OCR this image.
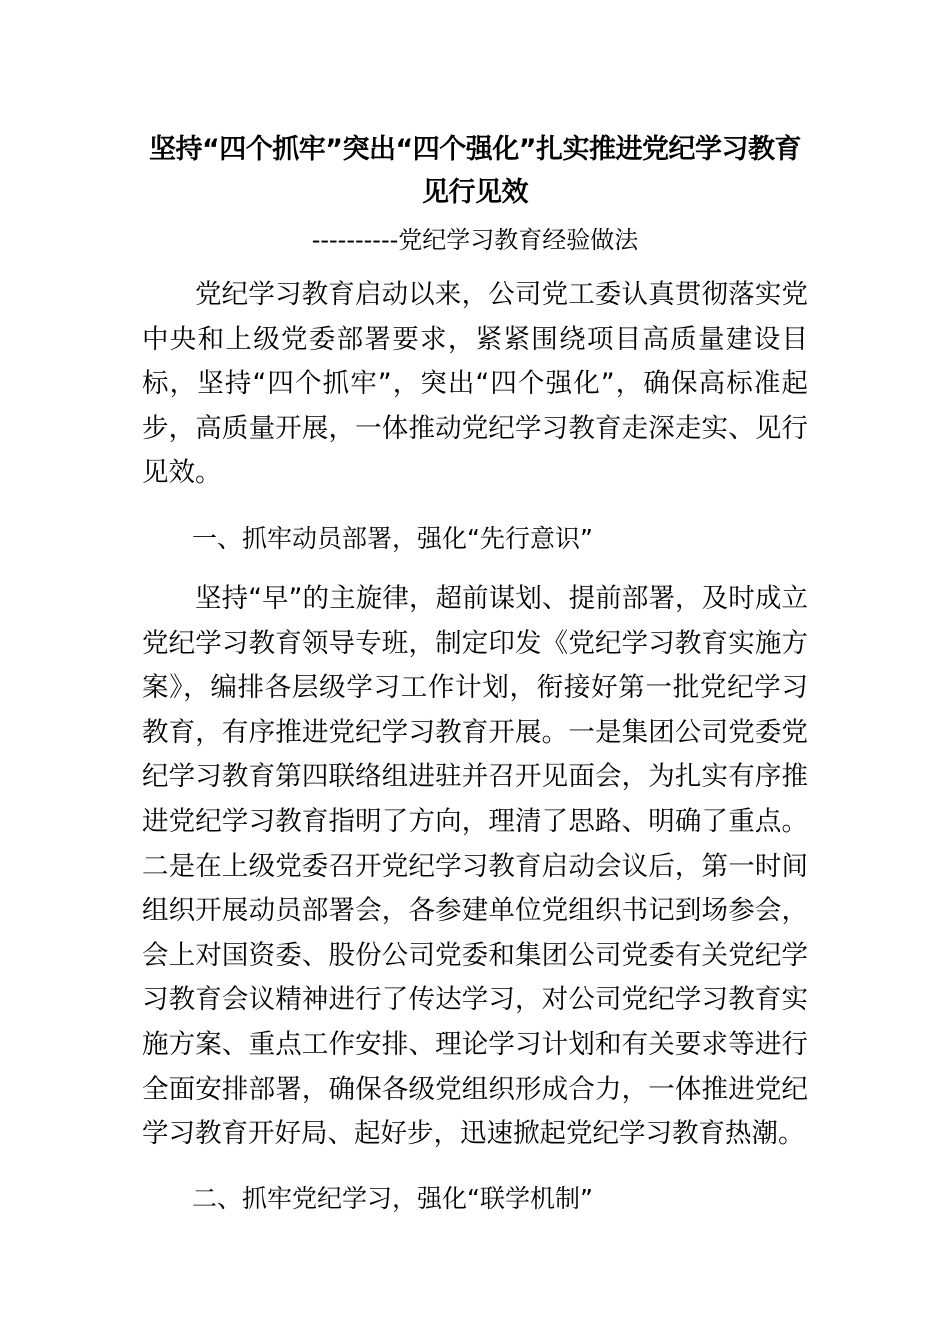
坚持“四个抓牢”突出“四个强化”扎实推进党纪学习教育见行见效
----------党纪学习教育经验做法

党纪学习教育启动以来，公司党工委认真贯彻落实党中央和上级党委部署要求，紧紧围绕项目高质量建设目标，坚持“四个抓牢”，突出“四个强化”，确保高标准起步，高质量开展，一体推动党纪学习教育走深走实、见行见效。

一、抓牢动员部署，强化“先行意识”

坚持“早”的主旋律，超前谋划、提前部署，及时成立党纪学习教育领导专班，制定印发《党纪学习教育实施方案》，编排各层级学习工作计划，衔接好第一批党纪学习教育，有序推进党纪学习教育开展。一是集团公司党委党纪学习教育第四联络组进驻并召开见面会，为扎实有序推进党纪学习教育指明了方向，理清了思路、明确了重点。二是在上级党委召开党纪学习教育启动会议后，第一时间组织开展动员部署会，各参建单位党组织书记到场参会，会上对国资委、股份公司党委和集团公司党委有关党纪学习教育会议精神进行了传达学习，对公司党纪学习教育实施方案、重点工作安排、理论学习计划和有关要求等进行全面安排部署，确保各级党组织形成合力，一体推进党纪学习教育开好局、起好步，迅速掀起党纪学习教育热潮。

二、抓牢党纪学习，强化“联学机制”
